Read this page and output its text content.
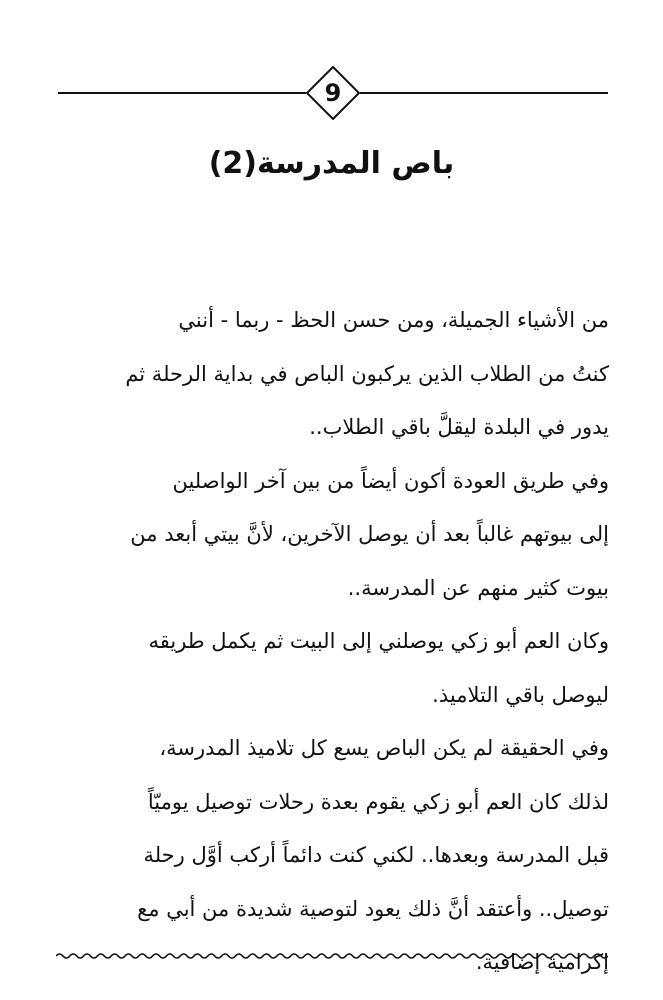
9
باص المدرسة(2)

من الأشياء الجميلة، ومن حسن الحظ - ربما - أنني
كنتُ من الطلاب الذين يركبون الباص في بداية الرحلة ثم
يدور في البلدة ليقلَّ باقي الطلاب..

وفي طريق العودة أكون أيضاً من بين آخر الواصلين
إلى بيوتهم غالباً بعد أن يوصل الآخرين، لأنَّ بيتي أبعد من
بيوت كثير منهم عن المدرسة..

وكان العم أبو زكي يوصلني إلى البيت ثم يكمل طريقه
ليوصل باقي التلاميذ.

وفي الحقيقة لم يكن الباص يسع كل تلاميذ المدرسة،
لذلك كان العم أبو زكي يقوم بعدة رحلات توصيل يوميّاً
قبل المدرسة وبعدها.. لكني كنت دائماً أركب أوَّل رحلة
توصيل.. وأعتقد أنَّ ذلك يعود لتوصية شديدة من أبي مع
إكرامية إضافية.
